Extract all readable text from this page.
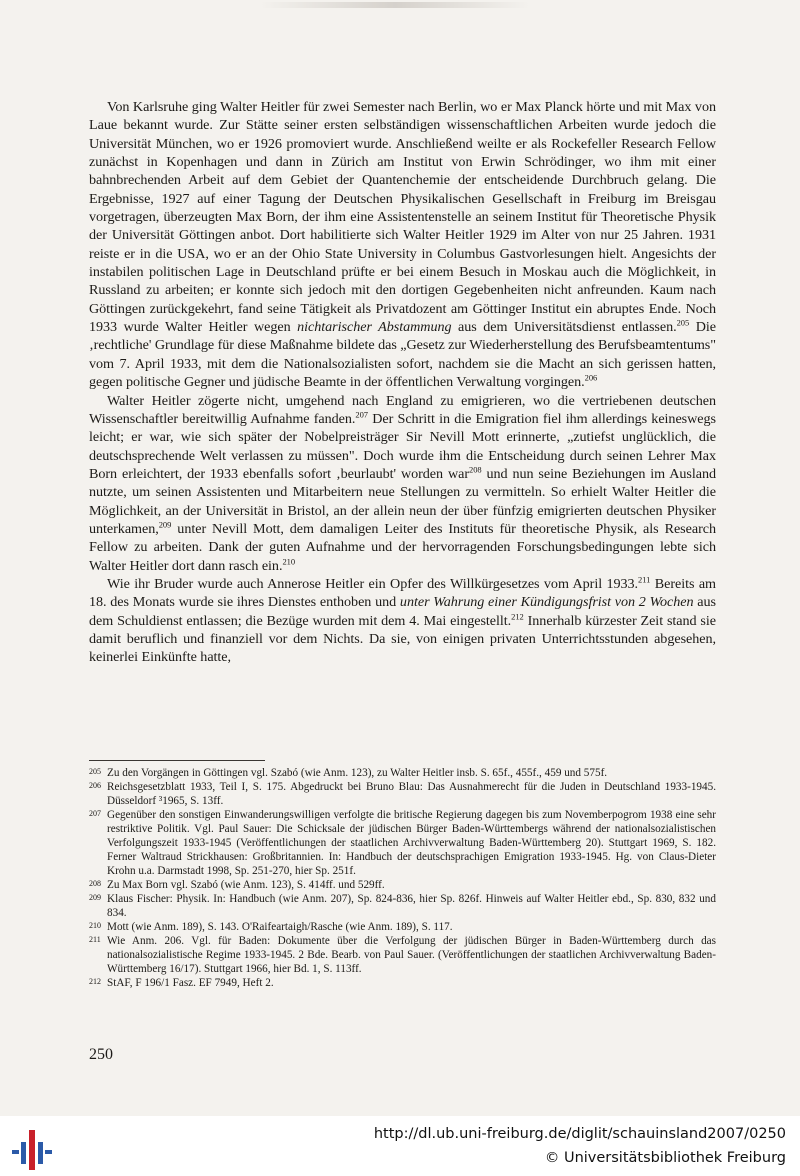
Von Karlsruhe ging Walter Heitler für zwei Semester nach Berlin, wo er Max Planck hörte und mit Max von Laue bekannt wurde. Zur Stätte seiner ersten selbständigen wissenschaftlichen Arbeiten wurde jedoch die Universität München, wo er 1926 promoviert wurde. Anschließend weilte er als Rockefeller Research Fellow zunächst in Kopenhagen und dann in Zürich am Institut von Erwin Schrödinger, wo ihm mit einer bahnbrechenden Arbeit auf dem Gebiet der Quantenchemie der entscheidende Durchbruch gelang. Die Ergebnisse, 1927 auf einer Tagung der Deutschen Physikalischen Gesellschaft in Freiburg im Breisgau vorgetragen, überzeugten Max Born, der ihm eine Assistentenstelle an seinem Institut für Theoretische Physik der Universität Göttingen anbot. Dort habilitierte sich Walter Heitler 1929 im Alter von nur 25 Jahren. 1931 reiste er in die USA, wo er an der Ohio State University in Columbus Gastvorlesungen hielt. Angesichts der instabilen politischen Lage in Deutschland prüfte er bei einem Besuch in Moskau auch die Möglichkeit, in Russland zu arbeiten; er konnte sich jedoch mit den dortigen Gegebenheiten nicht anfreunden. Kaum nach Göttingen zurückgekehrt, fand seine Tätigkeit als Privatdozent am Göttinger Institut ein abruptes Ende. Noch 1933 wurde Walter Heitler wegen nichtarischer Abstammung aus dem Universitätsdienst entlassen.$^{205}$ Die ‚rechtliche' Grundlage für diese Maßnahme bildete das „Gesetz zur Wiederherstellung des Berufsbeamtentums" vom 7. April 1933, mit dem die Nationalsozialisten sofort, nachdem sie die Macht an sich gerissen hatten, gegen politische Gegner und jüdische Beamte in der öffentlichen Verwaltung vorgingen.$^{206}$

Walter Heitler zögerte nicht, umgehend nach England zu emigrieren, wo die vertriebenen deutschen Wissenschaftler bereitwillig Aufnahme fanden.$^{207}$ Der Schritt in die Emigration fiel ihm allerdings keineswegs leicht; er war, wie sich später der Nobelpreisträger Sir Nevill Mott erinnerte, „zutiefst unglücklich, die deutschsprechende Welt verlassen zu müssen". Doch wurde ihm die Entscheidung durch seinen Lehrer Max Born erleichtert, der 1933 ebenfalls sofort ‚beurlaubt' worden war$^{208}$ und nun seine Beziehungen im Ausland nutzte, um seinen Assistenten und Mitarbeitern neue Stellungen zu vermitteln. So erhielt Walter Heitler die Möglichkeit, an der Universität in Bristol, an der allein neun der über fünfzig emigrierten deutschen Physiker unterkamen,$^{209}$ unter Nevill Mott, dem damaligen Leiter des Instituts für theoretische Physik, als Research Fellow zu arbeiten. Dank der guten Aufnahme und der hervorragenden Forschungsbedingungen lebte sich Walter Heitler dort dann rasch ein.$^{210}$

Wie ihr Bruder wurde auch Annerose Heitler ein Opfer des Willkürgesetzes vom April 1933.$^{211}$ Bereits am 18. des Monats wurde sie ihres Dienstes enthoben und unter Wahrung einer Kündigungsfrist von 2 Wochen aus dem Schuldienst entlassen; die Bezüge wurden mit dem 4. Mai eingestellt.$^{212}$ Innerhalb kürzester Zeit stand sie damit beruflich und finanziell vor dem Nichts. Da sie, von einigen privaten Unterrichtsstunden abgesehen, keinerlei Einkünfte hatte,

205 Zu den Vorgängen in Göttingen vgl. Szabó (wie Anm. 123), zu Walter Heitler insb. S. 65f., 455f., 459 und 575f.
206 Reichsgesetzblatt 1933, Teil I, S. 175. Abgedruckt bei Bruno Blau: Das Ausnahmerecht für die Juden in Deutschland 1933-1945. Düsseldorf ³1965, S. 13ff.
207 Gegenüber den sonstigen Einwanderungswilligen verfolgte die britische Regierung dagegen bis zum Novemberpogrom 1938 eine sehr restriktive Politik. Vgl. Paul Sauer: Die Schicksale der jüdischen Bürger Baden-Württembergs während der nationalsozialistischen Verfolgungszeit 1933-1945 (Veröffentlichungen der staatlichen Archivverwaltung Baden-Württemberg 20). Stuttgart 1969, S. 182. Ferner Waltraud Strickhausen: Großbritannien. In: Handbuch der deutschsprachigen Emigration 1933-1945. Hg. von Claus-Dieter Krohn u.a. Darmstadt 1998, Sp. 251-270, hier Sp. 251f.
208 Zu Max Born vgl. Szabó (wie Anm. 123), S. 414ff. und 529ff.
209 Klaus Fischer: Physik. In: Handbuch (wie Anm. 207), Sp. 824-836, hier Sp. 826f. Hinweis auf Walter Heitler ebd., Sp. 830, 832 und 834.
210 Mott (wie Anm. 189), S. 143. O'Raifeartaigh/Rasche (wie Anm. 189), S. 117.
211 Wie Anm. 206. Vgl. für Baden: Dokumente über die Verfolgung der jüdischen Bürger in Baden-Württemberg durch das nationalsozialistische Regime 1933-1945. 2 Bde. Bearb. von Paul Sauer. (Veröffentlichungen der staatlichen Archivverwaltung Baden-Württemberg 16/17). Stuttgart 1966, hier Bd. 1, S. 113ff.
212 StAF, F 196/1 Fasz. EF 7949, Heft 2.
250
http://dl.ub.uni-freiburg.de/diglit/schauinsland2007/0250
© Universitätsbibliothek Freiburg
